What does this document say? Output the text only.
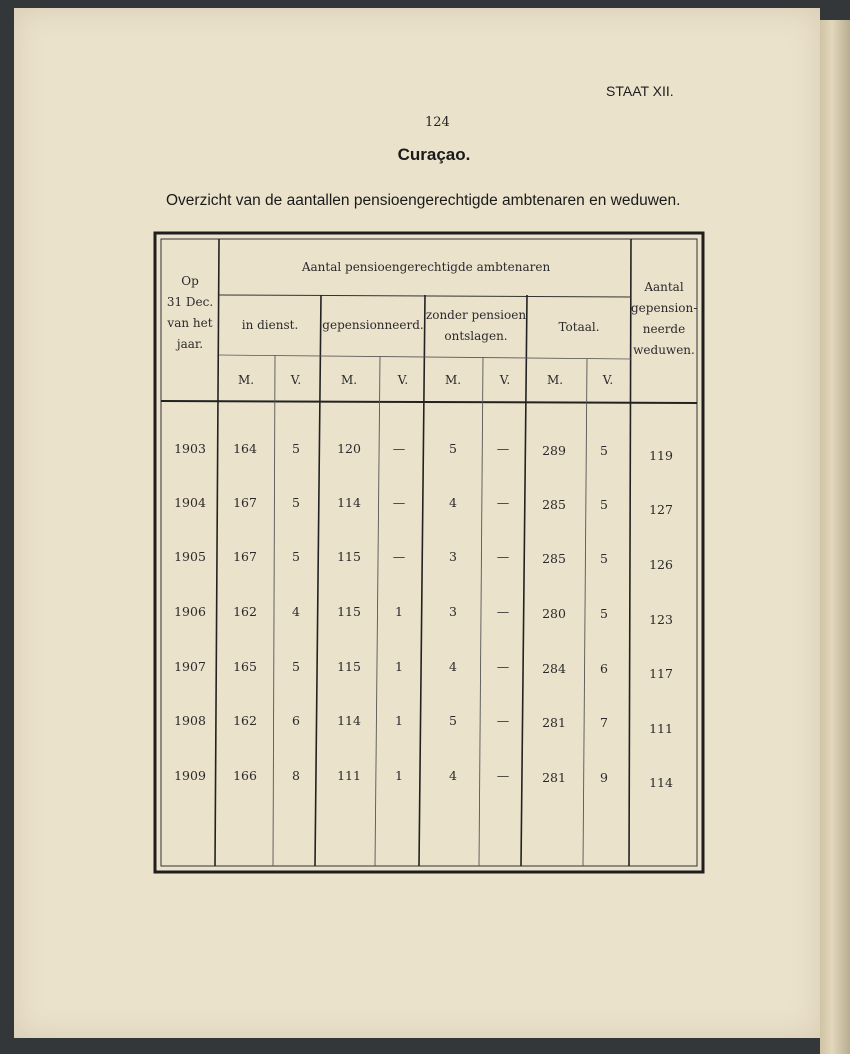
STAAT XII.
124
Curaçao.
Overzicht van de aantallen pensioengerechtigde ambtenaren en weduwen.
Op
31 Dec.
van het
jaar.
Aantal pensioengerechtigde ambtenaren
in dienst.	gepensionneerd.
zonder pensioen
ontslagen.
Totaal.
Aantal
gepension-
neerde
weduwen.
M.	V.	M.	V.	M.	V.	M.	V.
1903	164	5	120	—	5	—	289	5	119
1904	167	5	114	—	4	—	285	5	127
1905	167	5	115	—	3	—	285	5	126
1906	162	4	115	1	3	—	280	5	123
1907	165	5	115	1	4	—	284	6	117
1908	162	6	114	1	5	—	281	7	111
1909	166	8	111	1	4	—	281	9	114
